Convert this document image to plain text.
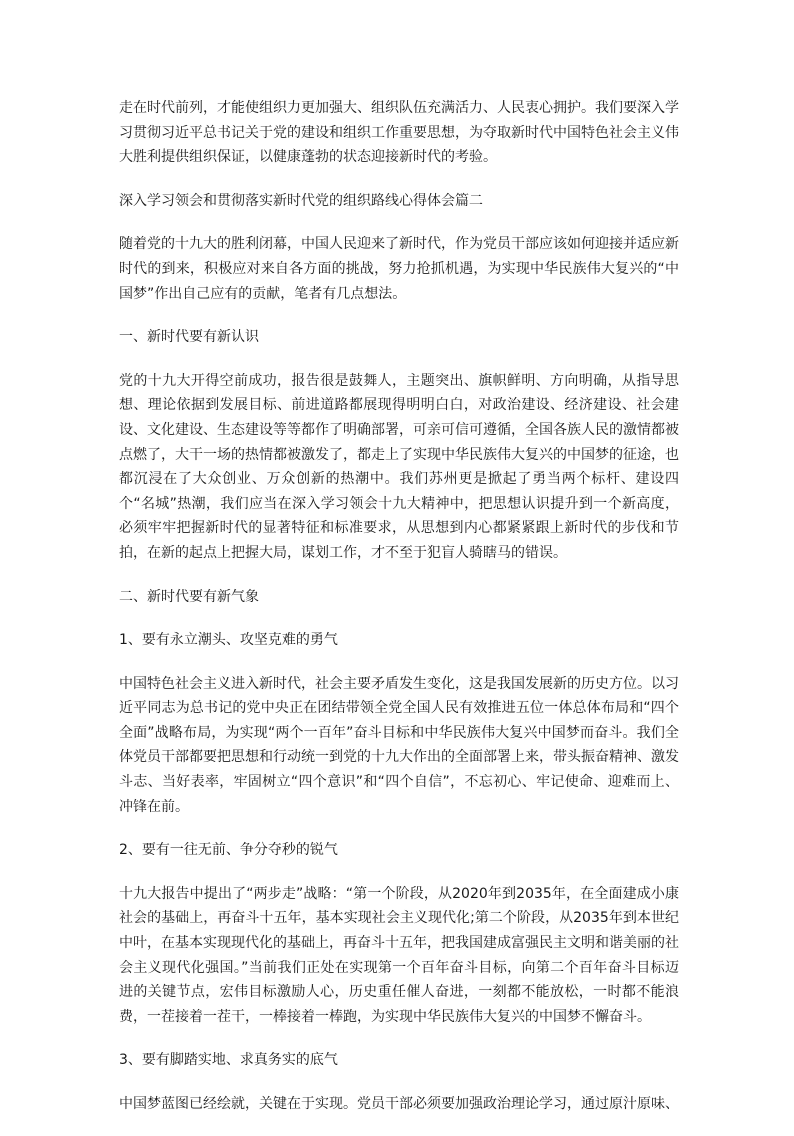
走在时代前列，才能使组织力更加强大、组织队伍充满活力、人民衷心拥护。我们要深入学习贯彻习近平总书记关于党的建设和组织工作重要思想，为夺取新时代中国特色社会主义伟大胜利提供组织保证，以健康蓬勃的状态迎接新时代的考验。

深入学习领会和贯彻落实新时代党的组织路线心得体会篇二

随着党的十九大的胜利闭幕，中国人民迎来了新时代，作为党员干部应该如何迎接并适应新时代的到来，积极应对来自各方面的挑战，努力抢抓机遇，为实现中华民族伟大复兴的“中国梦”作出自己应有的贡献，笔者有几点想法。

一、新时代要有新认识

党的十九大开得空前成功，报告很是鼓舞人，主题突出、旗帜鲜明、方向明确，从指导思想、理论依据到发展目标、前进道路都展现得明明白白，对政治建设、经济建设、社会建设、文化建设、生态建设等等都作了明确部署，可亲可信可遵循，全国各族人民的激情都被点燃了，大干一场的热情都被激发了，都走上了实现中华民族伟大复兴的中国梦的征途，也都沉浸在了大众创业、万众创新的热潮中。我们苏州更是掀起了勇当两个标杆、建设四个“名城”热潮，我们应当在深入学习领会十九大精神中，把思想认识提升到一个新高度，必须牢牢把握新时代的显著特征和标准要求，从思想到内心都紧紧跟上新时代的步伐和节拍，在新的起点上把握大局，谋划工作，才不至于犯盲人骑瞎马的错误。

二、新时代要有新气象

1、要有永立潮头、攻坚克难的勇气

中国特色社会主义进入新时代，社会主要矛盾发生变化，这是我国发展新的历史方位。以习近平同志为总书记的党中央正在团结带领全党全国人民有效推进五位一体总体布局和“四个全面”战略布局，为实现“两个一百年”奋斗目标和中华民族伟大复兴中国梦而奋斗。我们全体党员干部都要把思想和行动统一到党的十九大作出的全面部署上来，带头振奋精神、激发斗志、当好表率，牢固树立“四个意识”和“四个自信”，不忘初心、牢记使命、迎难而上、冲锋在前。

2、要有一往无前、争分夺秒的锐气

十九大报告中提出了“两步走”战略：“第一个阶段，从2020年到2035年，在全面建成小康社会的基础上，再奋斗十五年，基本实现社会主义现代化;第二个阶段，从2035年到本世纪中叶，在基本实现现代化的基础上，再奋斗十五年，把我国建成富强民主文明和谐美丽的社会主义现代化强国。”当前我们正处在实现第一个百年奋斗目标，向第二个百年奋斗目标迈进的关键节点，宏伟目标激励人心，历史重任催人奋进，一刻都不能放松，一时都不能浪费，一茬接着一茬干，一棒接着一棒跑，为实现中华民族伟大复兴的中国梦不懈奋斗。

3、要有脚踏实地、求真务实的底气

中国梦蓝图已经绘就，关键在于实现。党员干部必须要加强政治理论学习，通过原汁原味、
